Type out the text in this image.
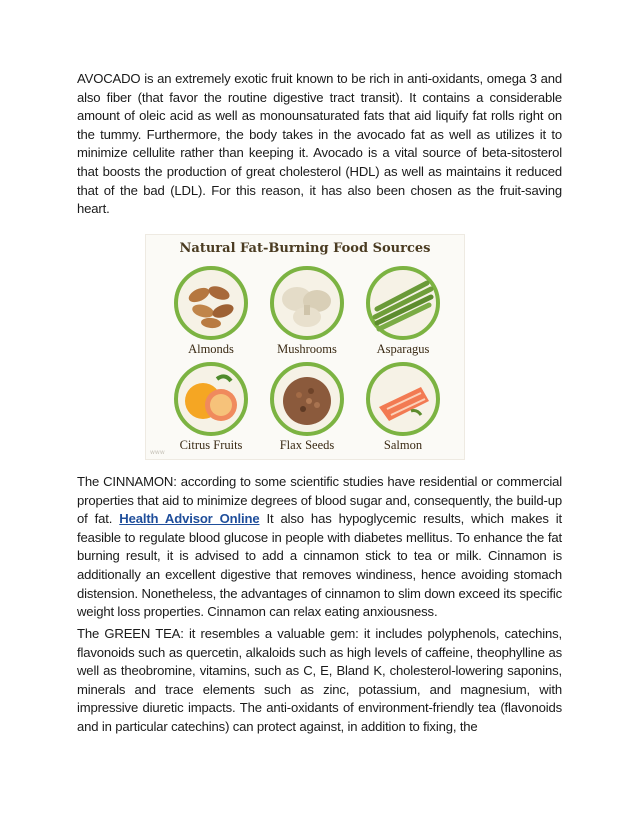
AVOCADO is an extremely exotic fruit known to be rich in anti-oxidants, omega 3 and also fiber (that favor the routine digestive tract transit). It contains a considerable amount of oleic acid as well as monounsaturated fats that aid liquify fat rolls right on the tummy. Furthermore, the body takes in the avocado fat as well as utilizes it to minimize cellulite rather than keeping it. Avocado is a vital source of beta-sitosterol that boosts the production of great cholesterol (HDL) as well as maintains it reduced that of the bad (LDL). For this reason, it has also been chosen as the fruit-saving heart.

Natural Fat-Burning Food Sources
Almonds	Mushrooms	Asparagus
Citrus Fruits	Flax Seeds	Salmon
www

The CINNAMON: according to some scientific studies have residential or commercial properties that aid to minimize degrees of blood sugar and, consequently, the build-up of fat. Health Advisor Online It also has hypoglycemic results, which makes it feasible to regulate blood glucose in people with diabetes mellitus. To enhance the fat burning result, it is advised to add a cinnamon stick to tea or milk. Cinnamon is additionally an excellent digestive that removes windiness, hence avoiding stomach distension. Nonetheless, the advantages of cinnamon to slim down exceed its specific weight loss properties. Cinnamon can relax eating anxiousness.

The GREEN TEA: it resembles a valuable gem: it includes polyphenols, catechins, flavonoids such as quercetin, alkaloids such as high levels of caffeine, theophylline as well as theobromine, vitamins, such as C, E, Bland K, cholesterol-lowering saponins, minerals and trace elements such as zinc, potassium, and magnesium, with impressive diuretic impacts. The anti-oxidants of environment-friendly tea (flavonoids and in particular catechins) can protect against, in addition to fixing, the
